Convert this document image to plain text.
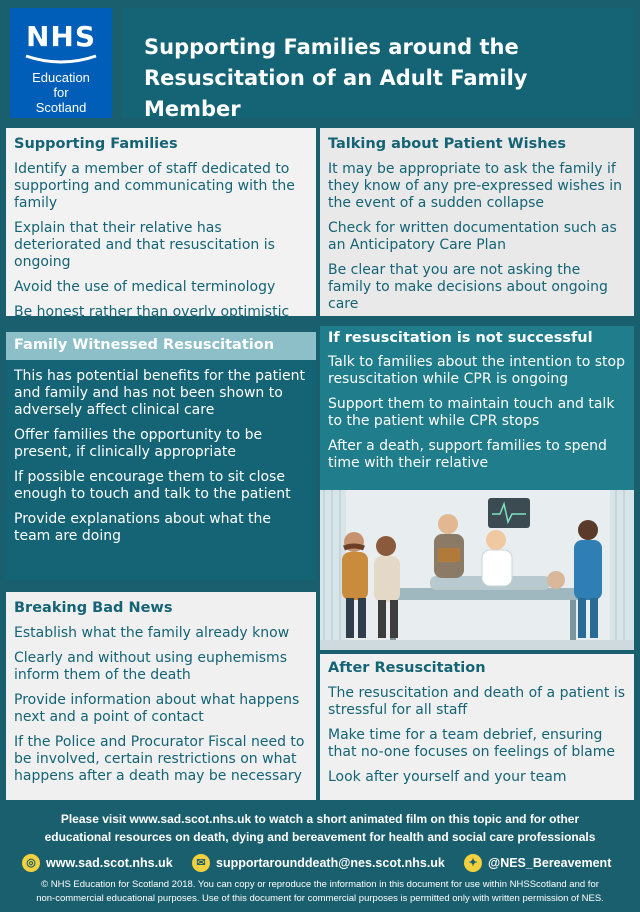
NHS
Education
for
Scotland
Supporting Families around the
Resuscitation of an Adult Family Member
Supporting Families

Identify a member of staff dedicated to supporting and communicating with the family

Explain that their relative has deteriorated and that resuscitation is ongoing

Avoid the use of medical terminology

Be honest rather than overly optimistic

Talking about Patient Wishes

It may be appropriate to ask the family if they know of any pre-expressed wishes in the event of a sudden collapse

Check for written documentation such as an Anticipatory Care Plan

Be clear that you are not asking the family to make decisions about ongoing care

Family Witnessed Resuscitation

This has potential benefits for the patient and family and has not been shown to adversely affect clinical care

Offer families the opportunity to be present, if clinically appropriate

If possible encourage them to sit close enough to touch and talk to the patient

Provide explanations about what the team are doing

If resuscitation is not successful

Talk to families about the intention to stop resuscitation while CPR is ongoing

Support them to maintain touch and talk to the patient while CPR stops

After a death, support families to spend time with their relative

Breaking Bad News

Establish what the family already know

Clearly and without using euphemisms inform them of the death

Provide information about what happens next and a point of contact

If the Police and Procurator Fiscal need to be involved, certain restrictions on what happens after a death may be necessary

After Resuscitation

The resuscitation and death of a patient is stressful for all staff

Make time for a team debrief, ensuring that no-one focuses on feelings of blame

Look after yourself and your team

Please visit www.sad.scot.nhs.uk to watch a short animated film on this topic and for other
educational resources on death, dying and bereavement for health and social care professionals
◎ www.sad.scot.nhs.uk	✉ supportarounddeath@nes.scot.nhs.uk	✦ @NES_Bereavement
© NHS Education for Scotland 2018. You can copy or reproduce the information in this document for use within NHSScotland and for
non-commercial educational purposes. Use of this document for commercial purposes is permitted only with written permission of NES.
